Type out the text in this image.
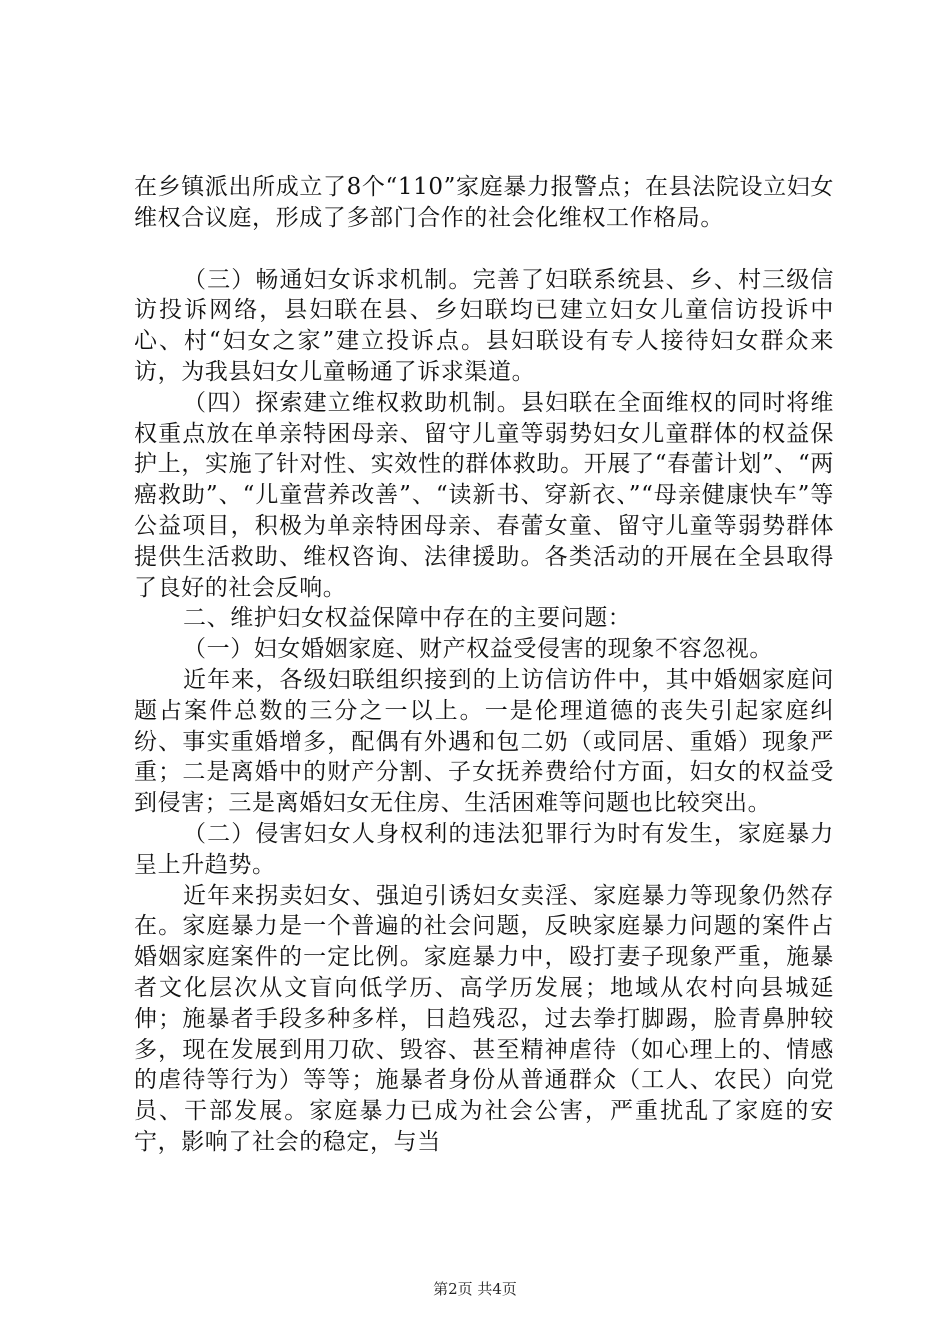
在乡镇派出所成立了8个“110”家庭暴力报警点；在县法院设立妇女维权合议庭，形成了多部门合作的社会化维权工作格局。

（三）畅通妇女诉求机制。完善了妇联系统县、乡、村三级信访投诉网络，县妇联在县、乡妇联均已建立妇女儿童信访投诉中心、村“妇女之家”建立投诉点。县妇联设有专人接待妇女群众来访，为我县妇女儿童畅通了诉求渠道。

（四）探索建立维权救助机制。县妇联在全面维权的同时将维权重点放在单亲特困母亲、留守儿童等弱势妇女儿童群体的权益保护上，实施了针对性、实效性的群体救助。开展了“春蕾计划”、“两癌救助”、“儿童营养改善”、“读新书、穿新衣、”“母亲健康快车”等公益项目，积极为单亲特困母亲、春蕾女童、留守儿童等弱势群体提供生活救助、维权咨询、法律援助。各类活动的开展在全县取得了良好的社会反响。

二、维护妇女权益保障中存在的主要问题：

（一）妇女婚姻家庭、财产权益受侵害的现象不容忽视。

近年来，各级妇联组织接到的上访信访件中，其中婚姻家庭问题占案件总数的三分之一以上。一是伦理道德的丧失引起家庭纠纷、事实重婚增多，配偶有外遇和包二奶（或同居、重婚）现象严重；二是离婚中的财产分割、子女抚养费给付方面，妇女的权益受到侵害；三是离婚妇女无住房、生活困难等问题也比较突出。

（二）侵害妇女人身权利的违法犯罪行为时有发生，家庭暴力呈上升趋势。

近年来拐卖妇女、强迫引诱妇女卖淫、家庭暴力等现象仍然存在。家庭暴力是一个普遍的社会问题，反映家庭暴力问题的案件占婚姻家庭案件的一定比例。家庭暴力中，殴打妻子现象严重，施暴者文化层次从文盲向低学历、高学历发展；地域从农村向县城延伸；施暴者手段多种多样，日趋残忍，过去拳打脚踢，脸青鼻肿较多，现在发展到用刀砍、毁容、甚至精神虐待（如心理上的、情感的虐待等行为）等等；施暴者身份从普通群众（工人、农民）向党员、干部发展。家庭暴力已成为社会公害，严重扰乱了家庭的安宁，影响了社会的稳定，与当

第2页 共4页
